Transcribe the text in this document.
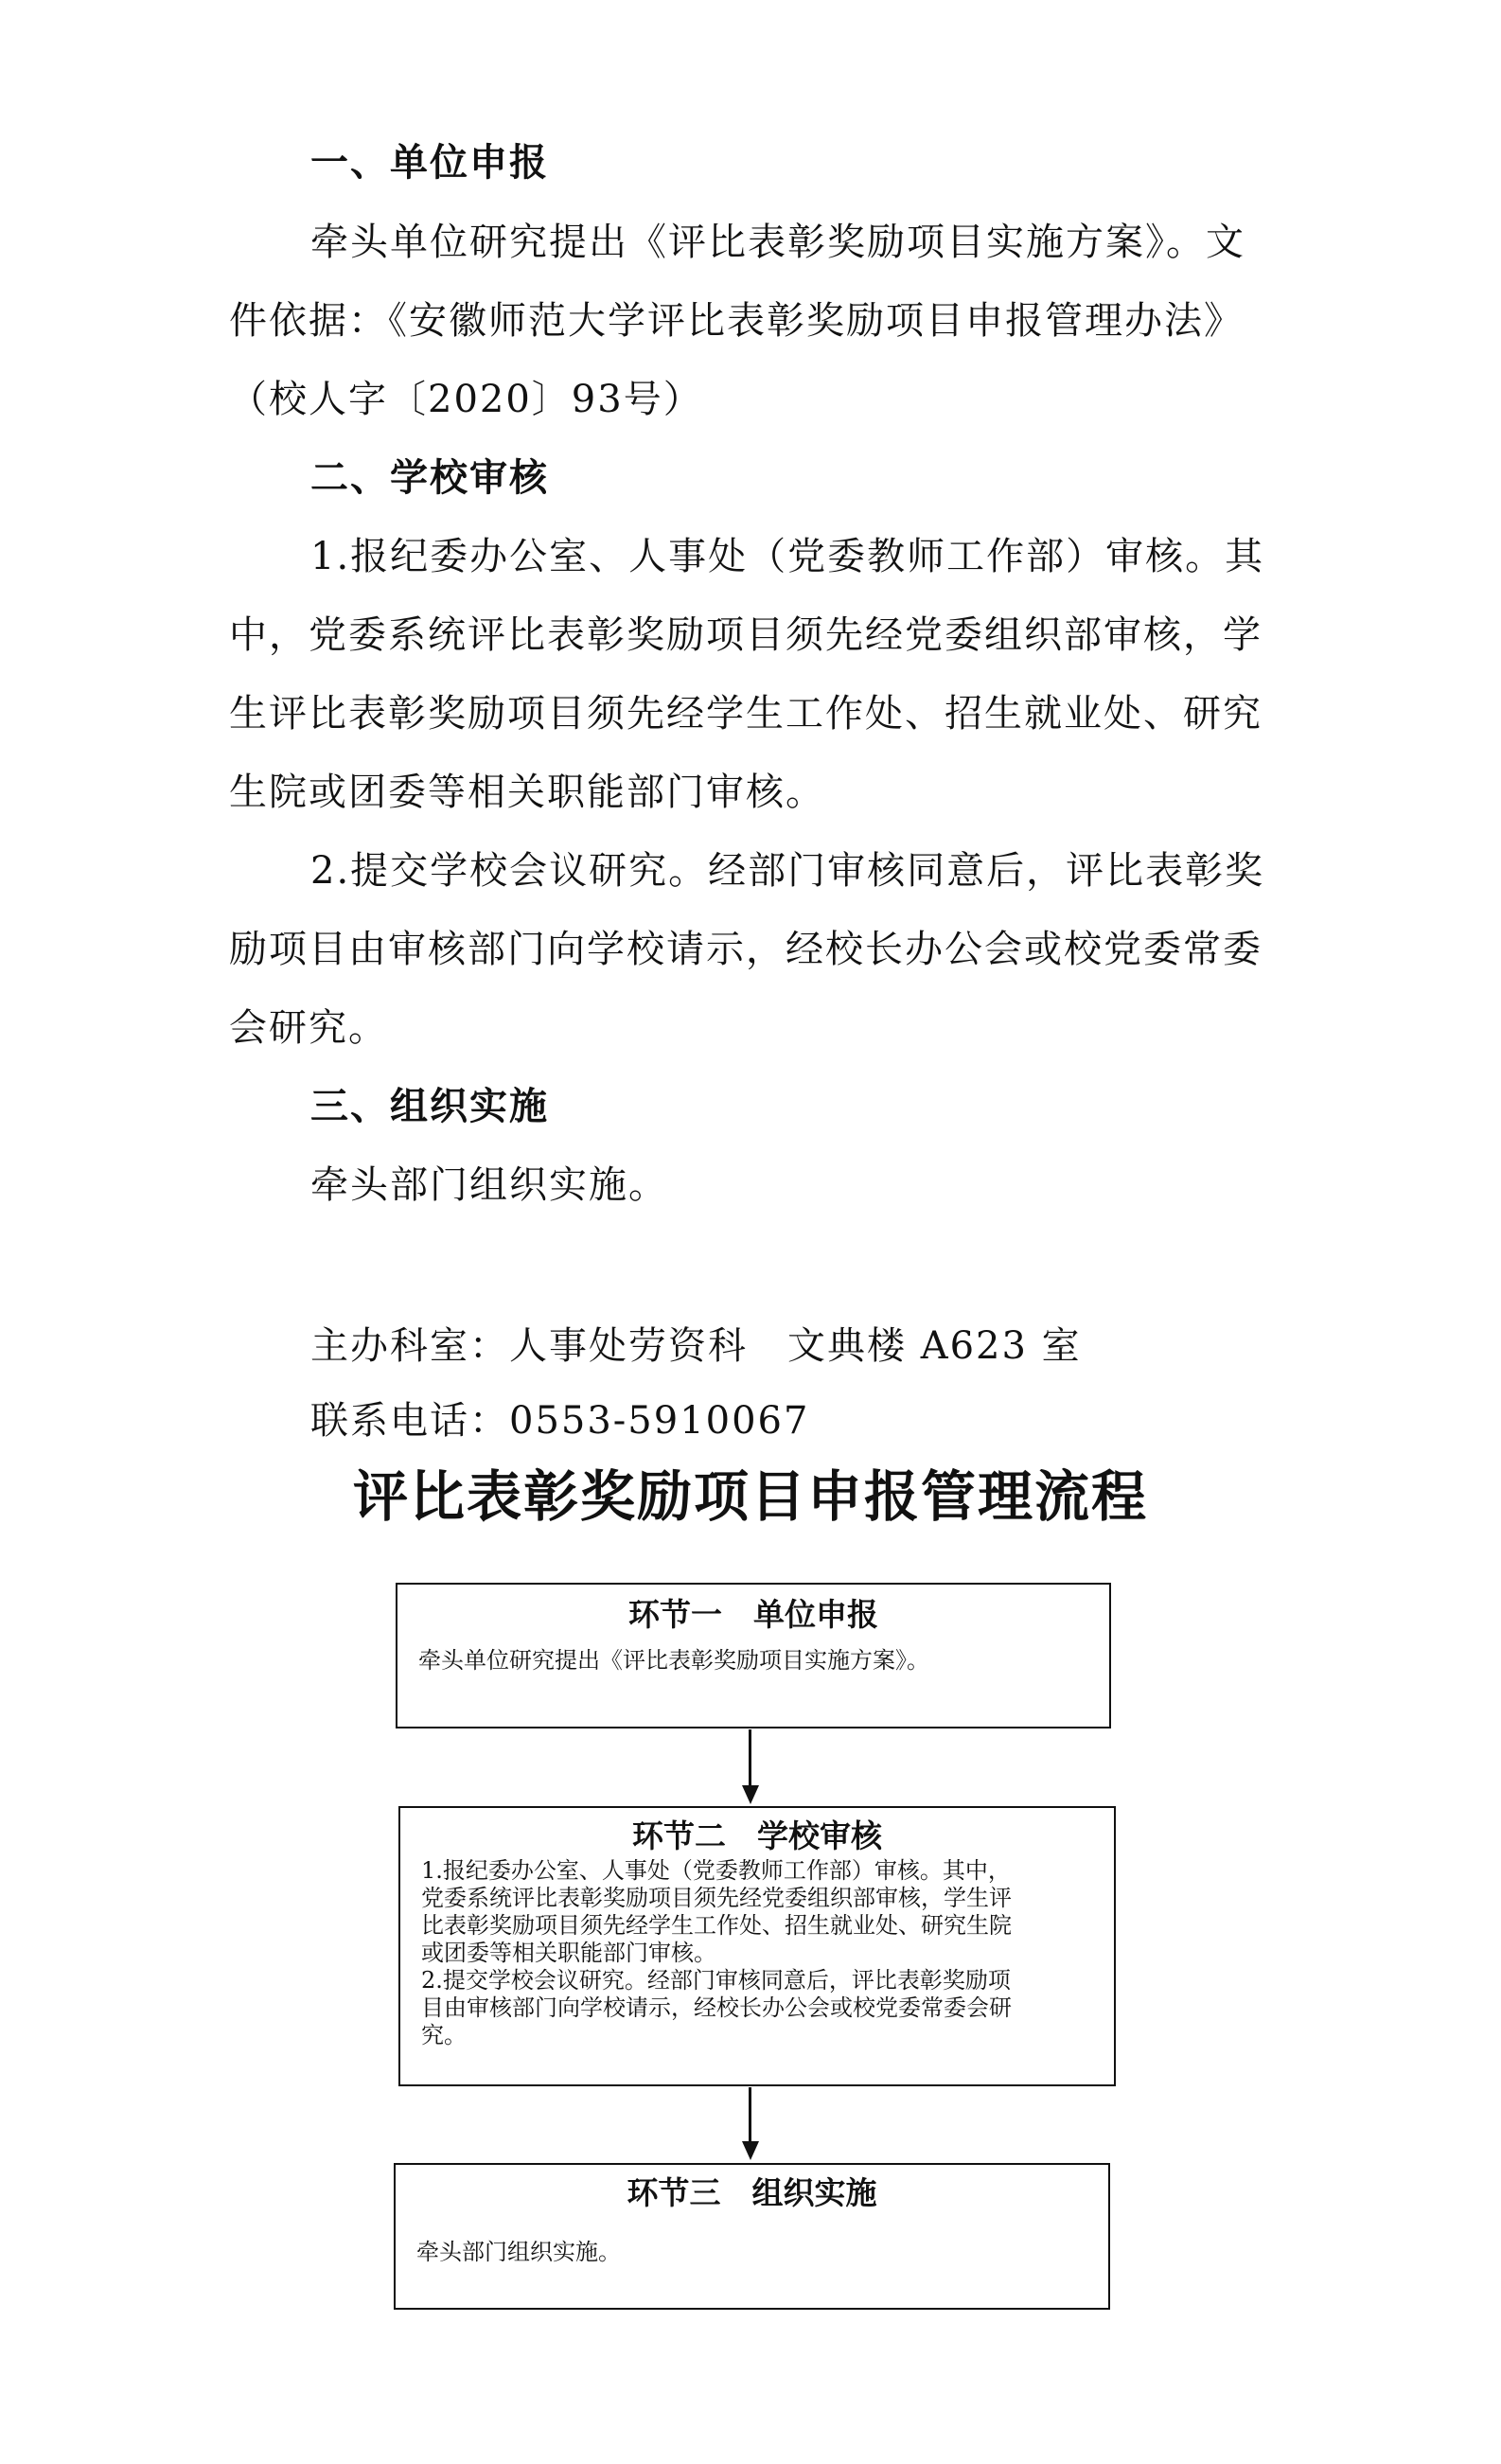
一、单位申报
牵头单位研究提出《评比表彰奖励项目实施方案》。文
件依据：《安徽师范大学评比表彰奖励项目申报管理办法》
（校人字〔2020〕93号）
二、学校审核
1.报纪委办公室、人事处（党委教师工作部）审核。其
中，党委系统评比表彰奖励项目须先经党委组织部审核，学
生评比表彰奖励项目须先经学生工作处、招生就业处、研究
生院或团委等相关职能部门审核。
2.提交学校会议研究。经部门审核同意后，评比表彰奖
励项目由审核部门向学校请示，经校长办公会或校党委常委
会研究。
三、组织实施
牵头部门组织实施。
主办科室：人事处劳资科　文典楼 A623 室
联系电话：0553-5910067
评比表彰奖励项目申报管理流程
环节一　单位申报
牵头单位研究提出《评比表彰奖励项目实施方案》。
环节二　学校审核
1.报纪委办公室、人事处（党委教师工作部）审核。其中，
党委系统评比表彰奖励项目须先经党委组织部审核，学生评
比表彰奖励项目须先经学生工作处、招生就业处、研究生院
或团委等相关职能部门审核。
2.提交学校会议研究。经部门审核同意后，评比表彰奖励项
目由审核部门向学校请示，经校长办公会或校党委常委会研
究。
环节三　组织实施
牵头部门组织实施。
